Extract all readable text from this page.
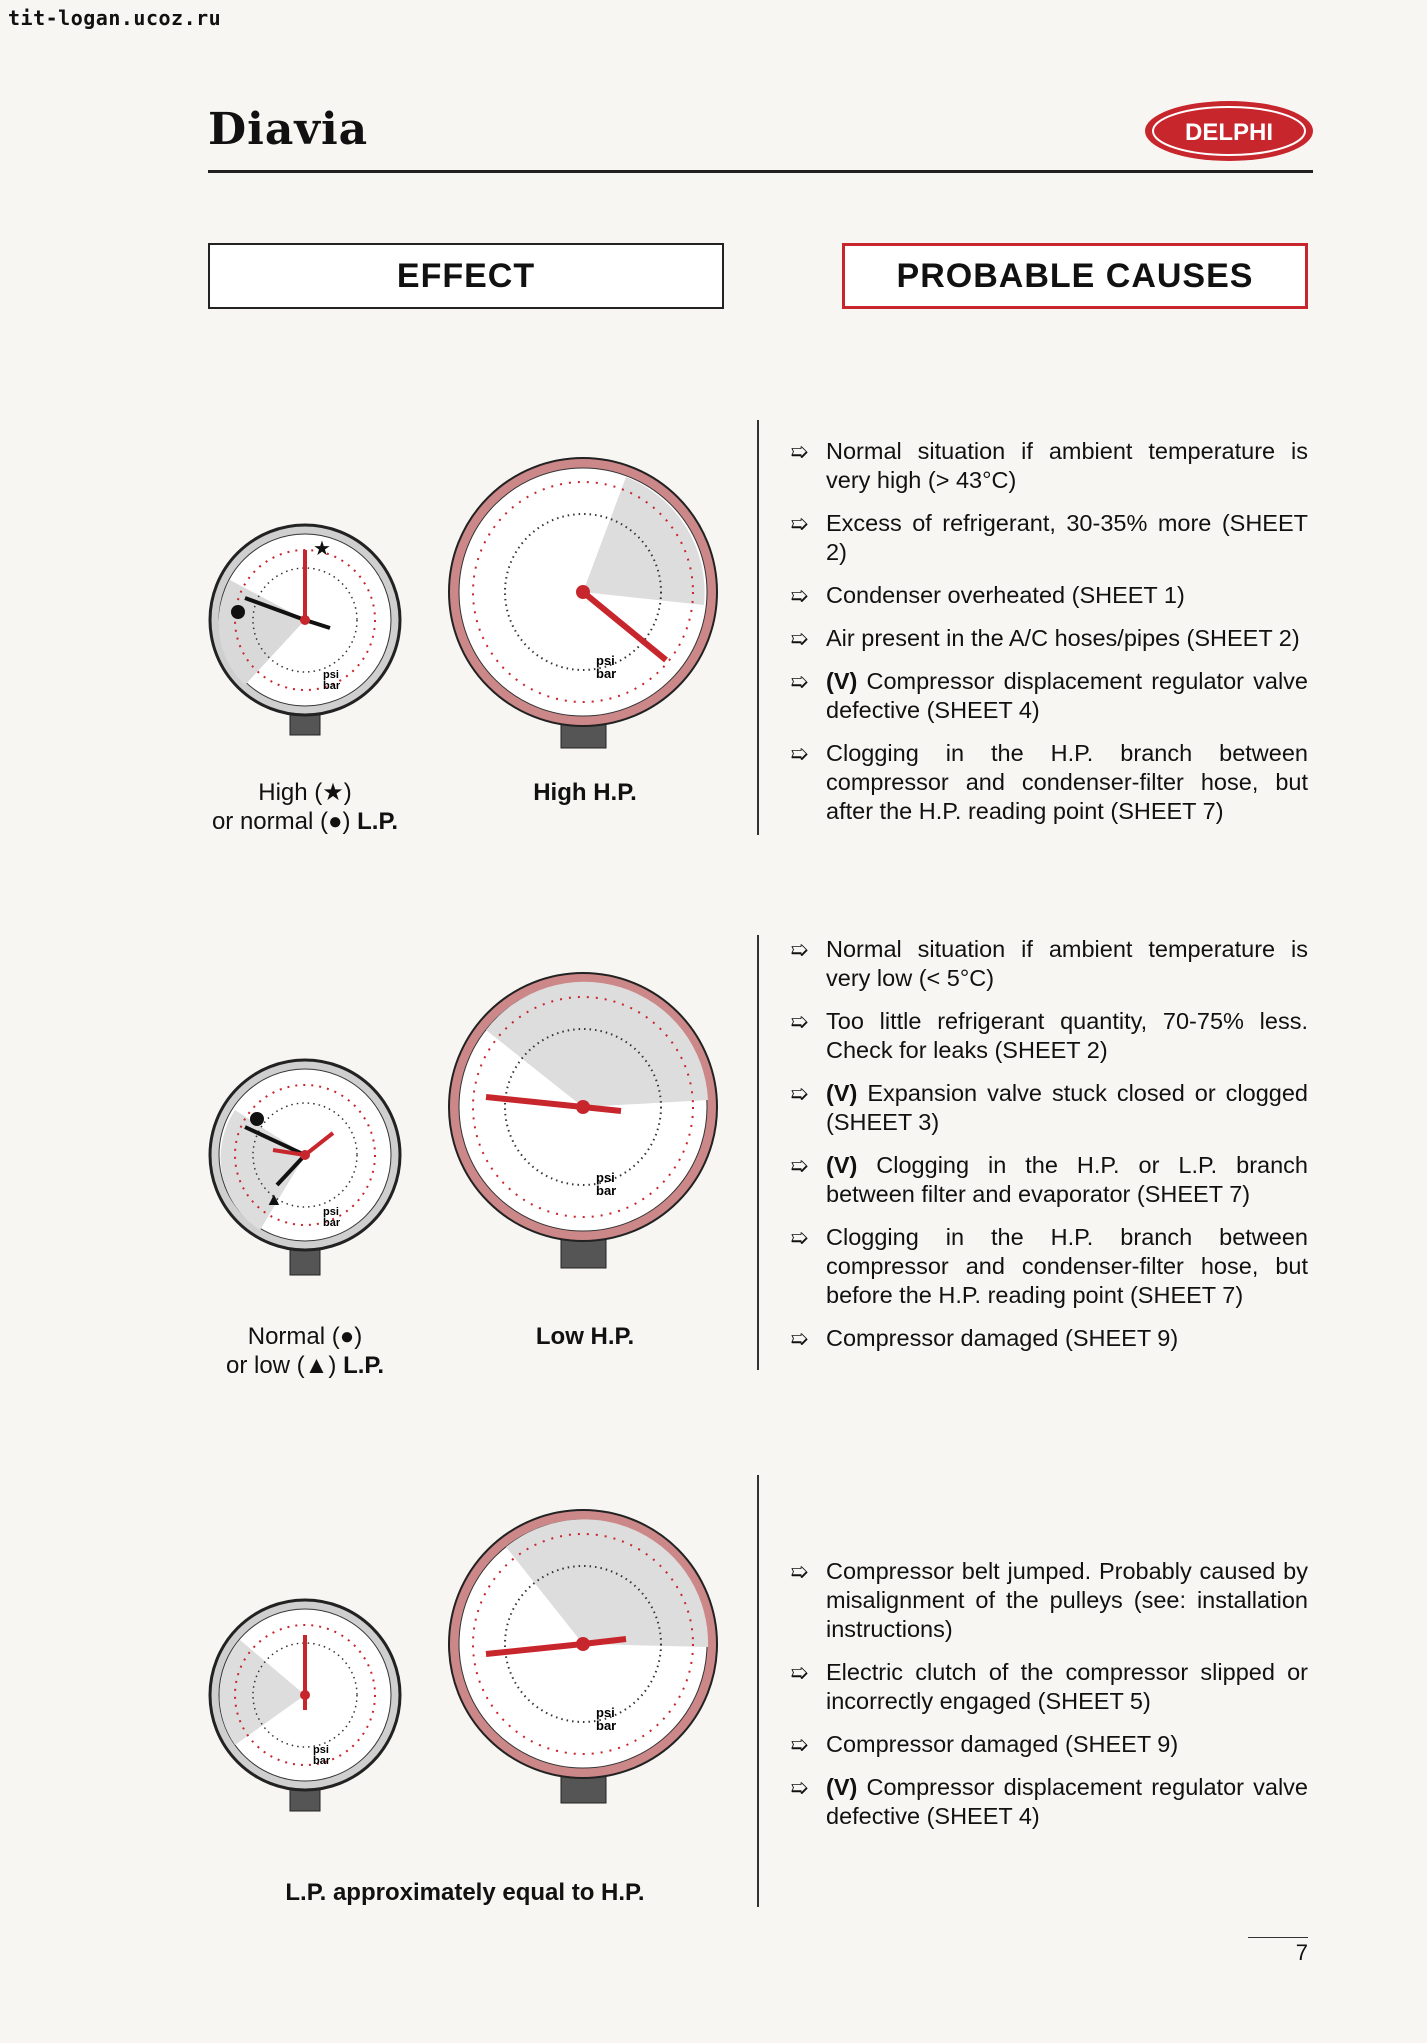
tit-logan.ucoz.ru
Diavia	DELPHI
EFFECT	PROBABLE CAUSES
psi
bar
★
psi
bar
High (★)
or normal (●) L.P.
High H.P.
➯ Normal situation if ambient temperature is very high (> 43°C)
➯ Excess of refrigerant, 30-35% more (SHEET 2)
➯ Condenser overheated (SHEET 1)
➯ Air present in the A/C hoses/pipes (SHEET 2)
➯ (V) Compressor displacement regulator valve defective (SHEET 4)
➯ Clogging in the H.P. branch between compressor and condenser-filter hose, but after the H.P. reading point (SHEET 7)
psi
bar
▲
psi
bar
Normal (●)
or low (▲) L.P.
Low H.P.
➯ Normal situation if ambient temperature is very low (< 5°C)
➯ Too little refrigerant quantity, 70-75% less. Check for leaks (SHEET 2)
➯ (V) Expansion valve stuck closed or clogged (SHEET 3)
➯ (V) Clogging in the H.P. or L.P. branch between filter and evaporator (SHEET 7)
➯ Clogging in the H.P. branch between compressor and condenser-filter hose, but before the H.P. reading point (SHEET 7)
➯ Compressor damaged (SHEET 9)
psi
bar
psi
bar
L.P. approximately equal to H.P.
➯ Compressor belt jumped. Probably caused by misalignment of the pulleys (see: installation instructions)
➯ Electric clutch of the compressor slipped or incorrectly engaged (SHEET 5)
➯ Compressor damaged (SHEET 9)
➯ (V) Compressor displacement regulator valve defective (SHEET 4)
7
